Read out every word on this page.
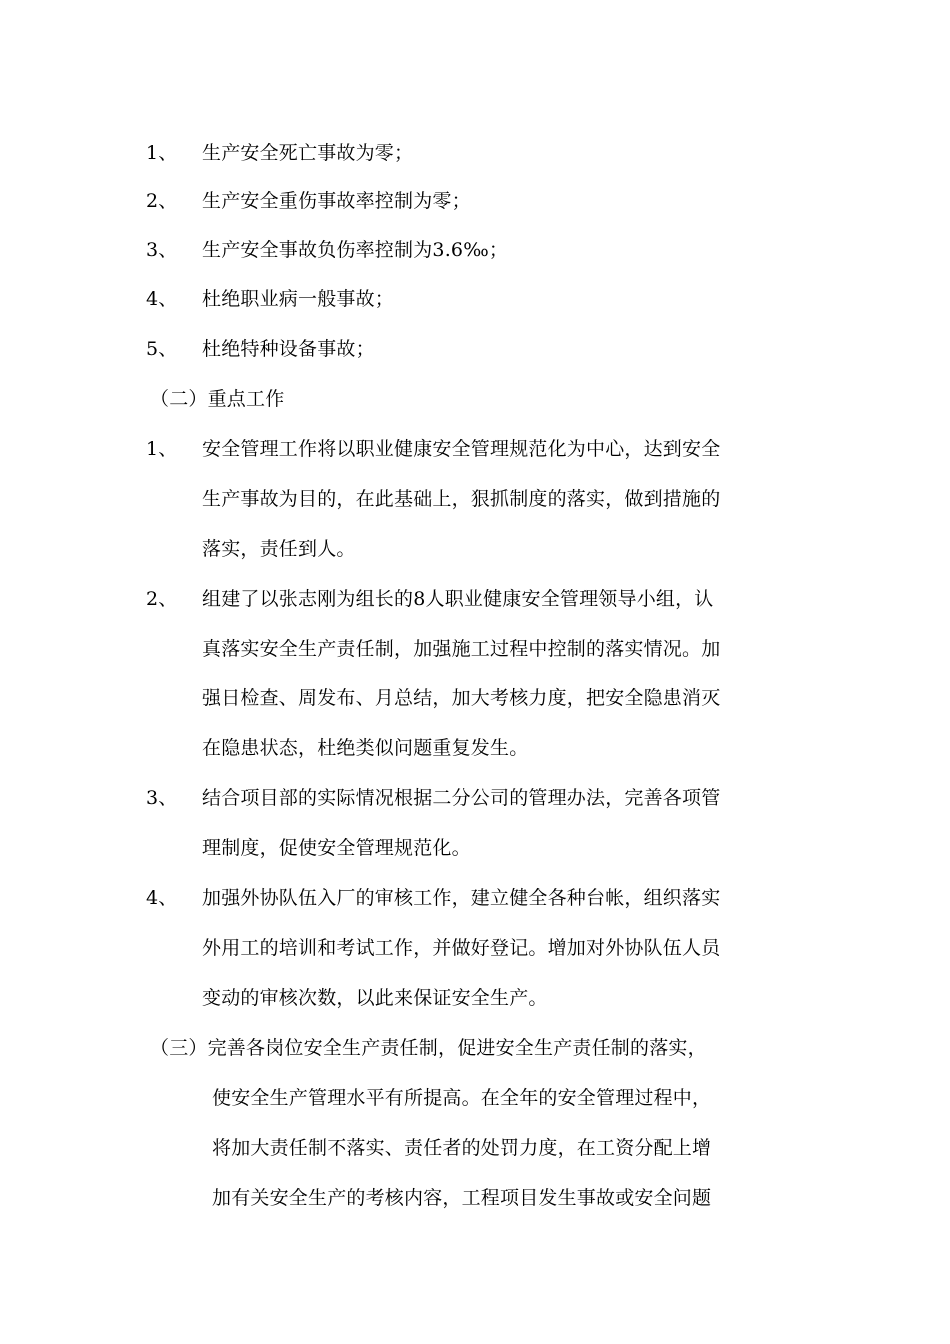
1、 生产安全死亡事故为零；
2、 生产安全重伤事故率控制为零；
3、 生产安全事故负伤率控制为3.6‰；
4、 杜绝职业病一般事故；
5、 杜绝特种设备事故；
（二）重点工作
1、 安全管理工作将以职业健康安全管理规范化为中心，达到安全
生产事故为目的，在此基础上，狠抓制度的落实，做到措施的
落实，责任到人。
2、 组建了以张志刚为组长的8人职业健康安全管理领导小组，认
真落实安全生产责任制，加强施工过程中控制的落实情况。加
强日检查、周发布、月总结，加大考核力度，把安全隐患消灭
在隐患状态，杜绝类似问题重复发生。
3、 结合项目部的实际情况根据二分公司的管理办法，完善各项管
理制度，促使安全管理规范化。
4、 加强外协队伍入厂的审核工作，建立健全各种台帐，组织落实
外用工的培训和考试工作，并做好登记。增加对外协队伍人员
变动的审核次数，以此来保证安全生产。
（三）完善各岗位安全生产责任制，促进安全生产责任制的落实，
使安全生产管理水平有所提高。在全年的安全管理过程中，
将加大责任制不落实、责任者的处罚力度，在工资分配上增
加有关安全生产的考核内容，工程项目发生事故或安全问题
